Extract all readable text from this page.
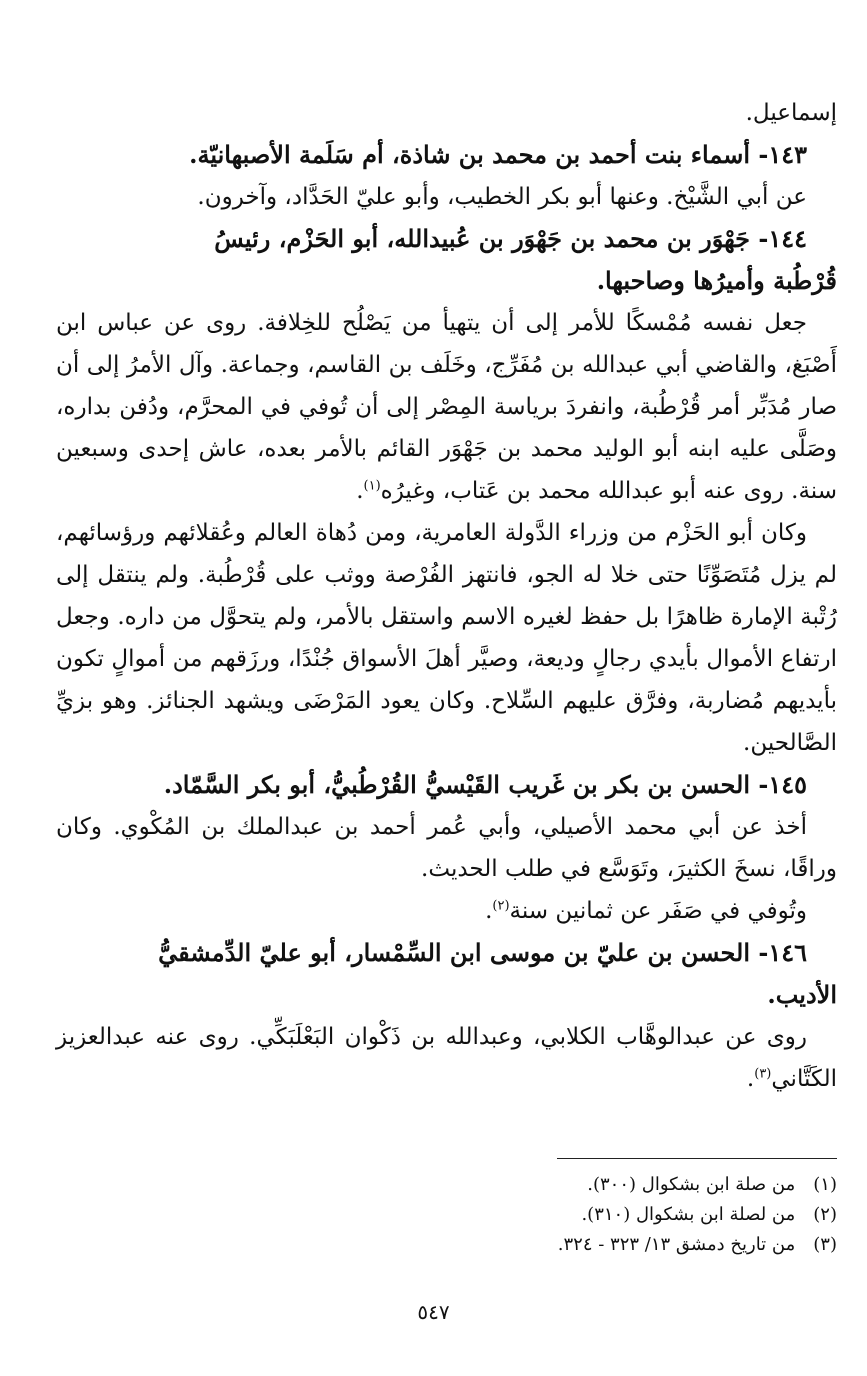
إسماعيل.

١٤٣- أسماء بنت أحمد بن محمد بن شاذة، أم سَلَمة الأصبهانيّة.

عن أبي الشَّيْخ. وعنها أبو بكر الخطيب، وأبو عليّ الحَدَّاد، وآخرون.

١٤٤- جَهْوَر بن محمد بن جَهْوَر بن عُبيدالله، أبو الحَزْم، رئيسُ

قُرْطُبة وأميرُها وصاحبها.

جعل نفسه مُمْسكًا للأمر إلى أن يتهيأ من يَصْلُح للخِلافة. روى عن عباس ابن أَصْبَغ، والقاضي أبي عبدالله بن مُفَرِّج، وخَلَف بن القاسم، وجماعة. وآل الأمرُ إلى أن صار مُدَبِّر أمر قُرْطُبة، وانفردَ برياسة المِصْر إلى أن تُوفي في المحرَّم، ودُفن بداره، وصَلَّى عليه ابنه أبو الوليد محمد بن جَهْوَر القائم بالأمر بعده، عاش إحدى وسبعين سنة. روى عنه أبو عبدالله محمد بن عَتاب، وغيرُه$^{(١)}$.

وكان أبو الحَزْم من وزراء الدَّولة العامرية، ومن دُهاة العالم وعُقلائهم ورؤسائهم، لم يزل مُتَصَوِّنًا حتى خلا له الجو، فانتهز الفُرْصة ووثب على قُرْطُبة. ولم ينتقل إلى رُتْبة الإمارة ظاهرًا بل حفظ لغيره الاسم واستقل بالأمر، ولم يتحوَّل من داره. وجعل ارتفاع الأموال بأيدي رجالٍ وديعة، وصيَّر أهلَ الأسواق جُنْدًا، ورزَقهم من أموالٍ تكون بأيديهم مُضاربة، وفرَّق عليهم السِّلاح. وكان يعود المَرْضَى ويشهد الجنائز. وهو بزيِّ الصَّالحين.

١٤٥- الحسن بن بكر بن غَريب القَيْسيُّ القُرْطُبيُّ، أبو بكر السَّمّاد.

أخذ عن أبي محمد الأصيلي، وأبي عُمر أحمد بن عبدالملك بن المُكْوي. وكان وراقًا، نسخَ الكثيرَ، وتَوَسَّع في طلب الحديث.

وتُوفي في صَفَر عن ثمانين سنة$^{(٢)}$.

١٤٦- الحسن بن عليّ بن موسى ابن السِّمْسار، أبو عليّ الدِّمشقيُّ

الأديب.

روى عن عبدالوهَّاب الكلابي، وعبدالله بن ذَكْوان البَعْلَبَكِّي. روى عنه عبدالعزيز الكَتَّاني$^{(٣)}$.

(١) من صلة ابن بشكوال (٣٠٠).

(٢) من لصلة ابن بشكوال (٣١٠).

(٣) من تاريخ دمشق ١٣/ ٣٢٣ - ٣٢٤.

٥٤٧
